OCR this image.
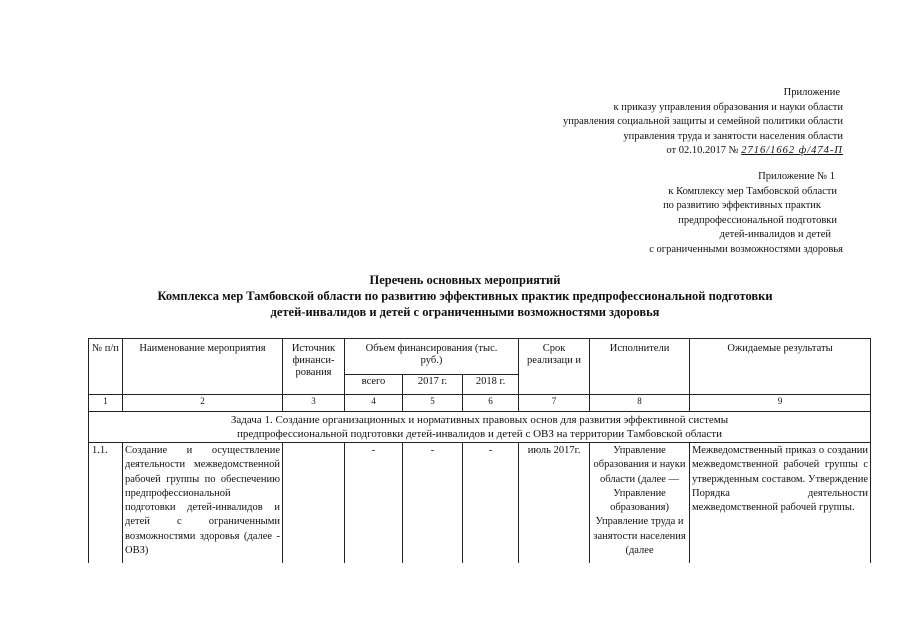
Приложение
к приказу управления образования и науки области
управления социальной защиты и семейной политики области
управления труда и занятости населения области
от 02.10.2017 № 2716/1662 ф/474-П
Приложение № 1
к Комплексу мер Тамбовской области
по развитию эффективных практик
предпрофессиональной подготовки
детей-инвалидов и детей
с ограниченными возможностями здоровья
Перечень основных мероприятий
Комплекса мер Тамбовской области по развитию эффективных практик предпрофессиональной подготовки
детей-инвалидов и детей с ограниченными возможностями здоровья
№ п/п	Наименование мероприятия	Источник финанси-рования	Объем финансирования (тыс. руб.)			Срок реализаци и	Исполнители	Ожидаемые результаты
			всего	2017 г.	2018 г.			
1	2	3	4	5	6	7	8	9

Задача 1. Создание организационных и нормативных правовых основ для развития эффективной системы
предпрофессиональной подготовки детей-инвалидов и детей с ОВЗ на территории Тамбовской области								

1.1.	Создание и осуществление деятельности межведомственной рабочей группы по обеспечению предпрофессиональной подготовки детей-инвалидов и детей с ограниченными возможностями здоровья (далее - ОВЗ)		-	-	-	июль 2017г.	Управление образования и науки области (далее — Управление образования) Управление труда и занятости населения (далее	Межведомственный приказ о создании межведомственной рабочей группы с утвержденным составом. Утверждение Порядка деятельности межведомственной рабочей группы.
